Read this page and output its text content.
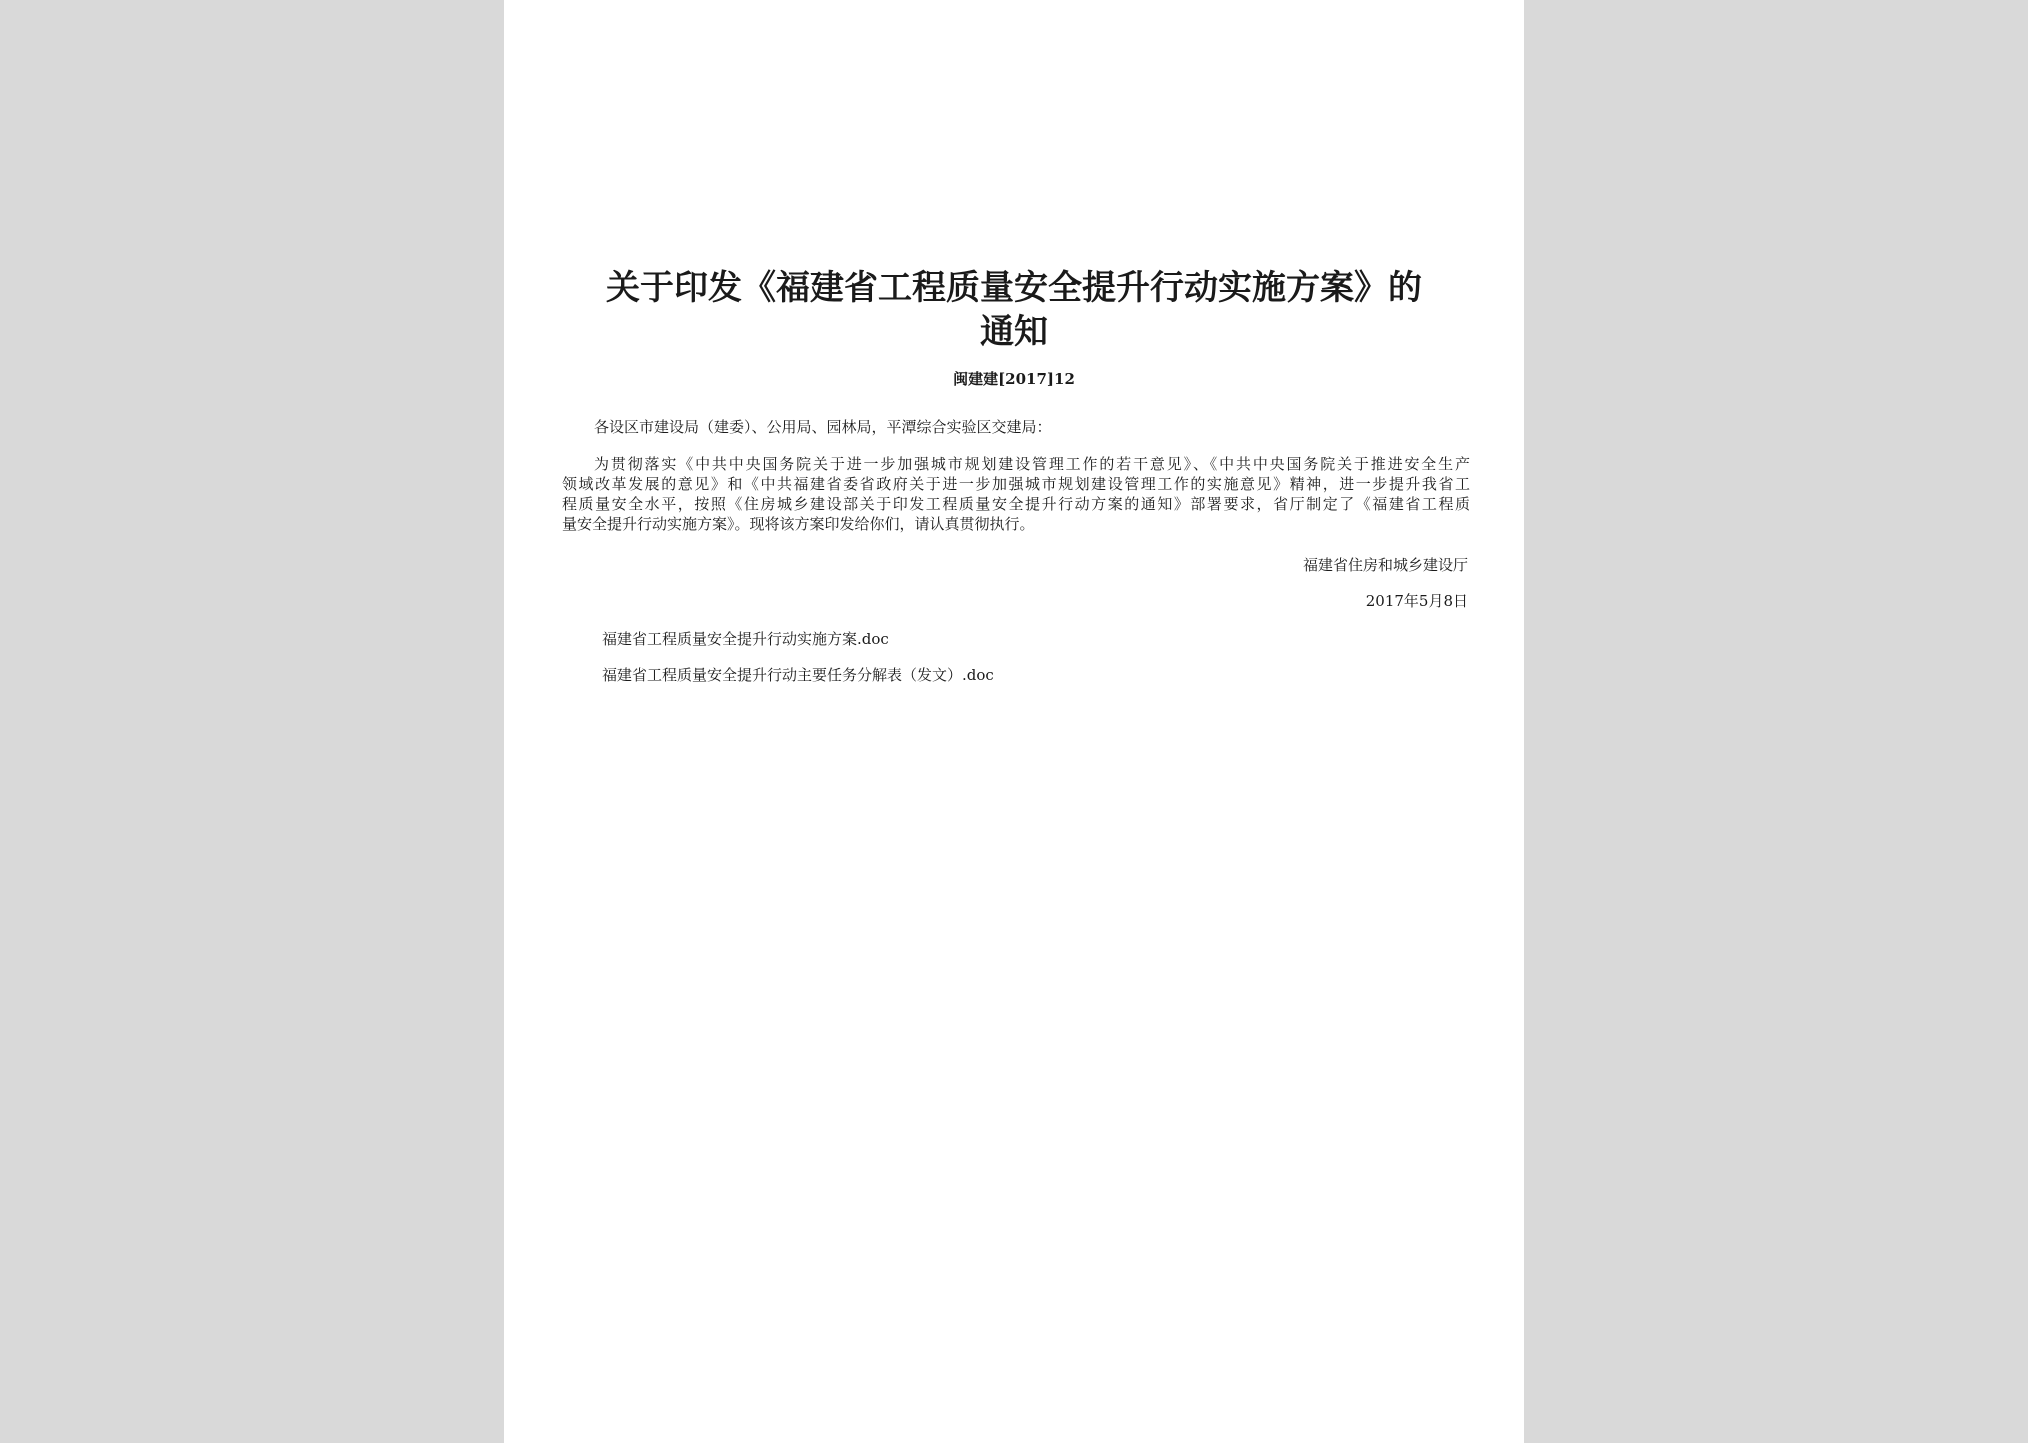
关于印发《福建省工程质量安全提升行动实施方案》的
通知
闽建建[2017]12
各设区市建设局（建委）、公用局、园林局，平潭综合实验区交建局：
为贯彻落实《中共中央国务院关于进一步加强城市规划建设管理工作的若干意见》、《中共中央国务院关于推进安全生产
领域改革发展的意见》和《中共福建省委省政府关于进一步加强城市规划建设管理工作的实施意见》精神，进一步提升我省工
程质量安全水平，按照《住房城乡建设部关于印发工程质量安全提升行动方案的通知》部署要求，省厅制定了《福建省工程质
量安全提升行动实施方案》。现将该方案印发给你们，请认真贯彻执行。
福建省住房和城乡建设厅
2017年5月8日
福建省工程质量安全提升行动实施方案.doc
福建省工程质量安全提升行动主要任务分解表（发文）.doc
